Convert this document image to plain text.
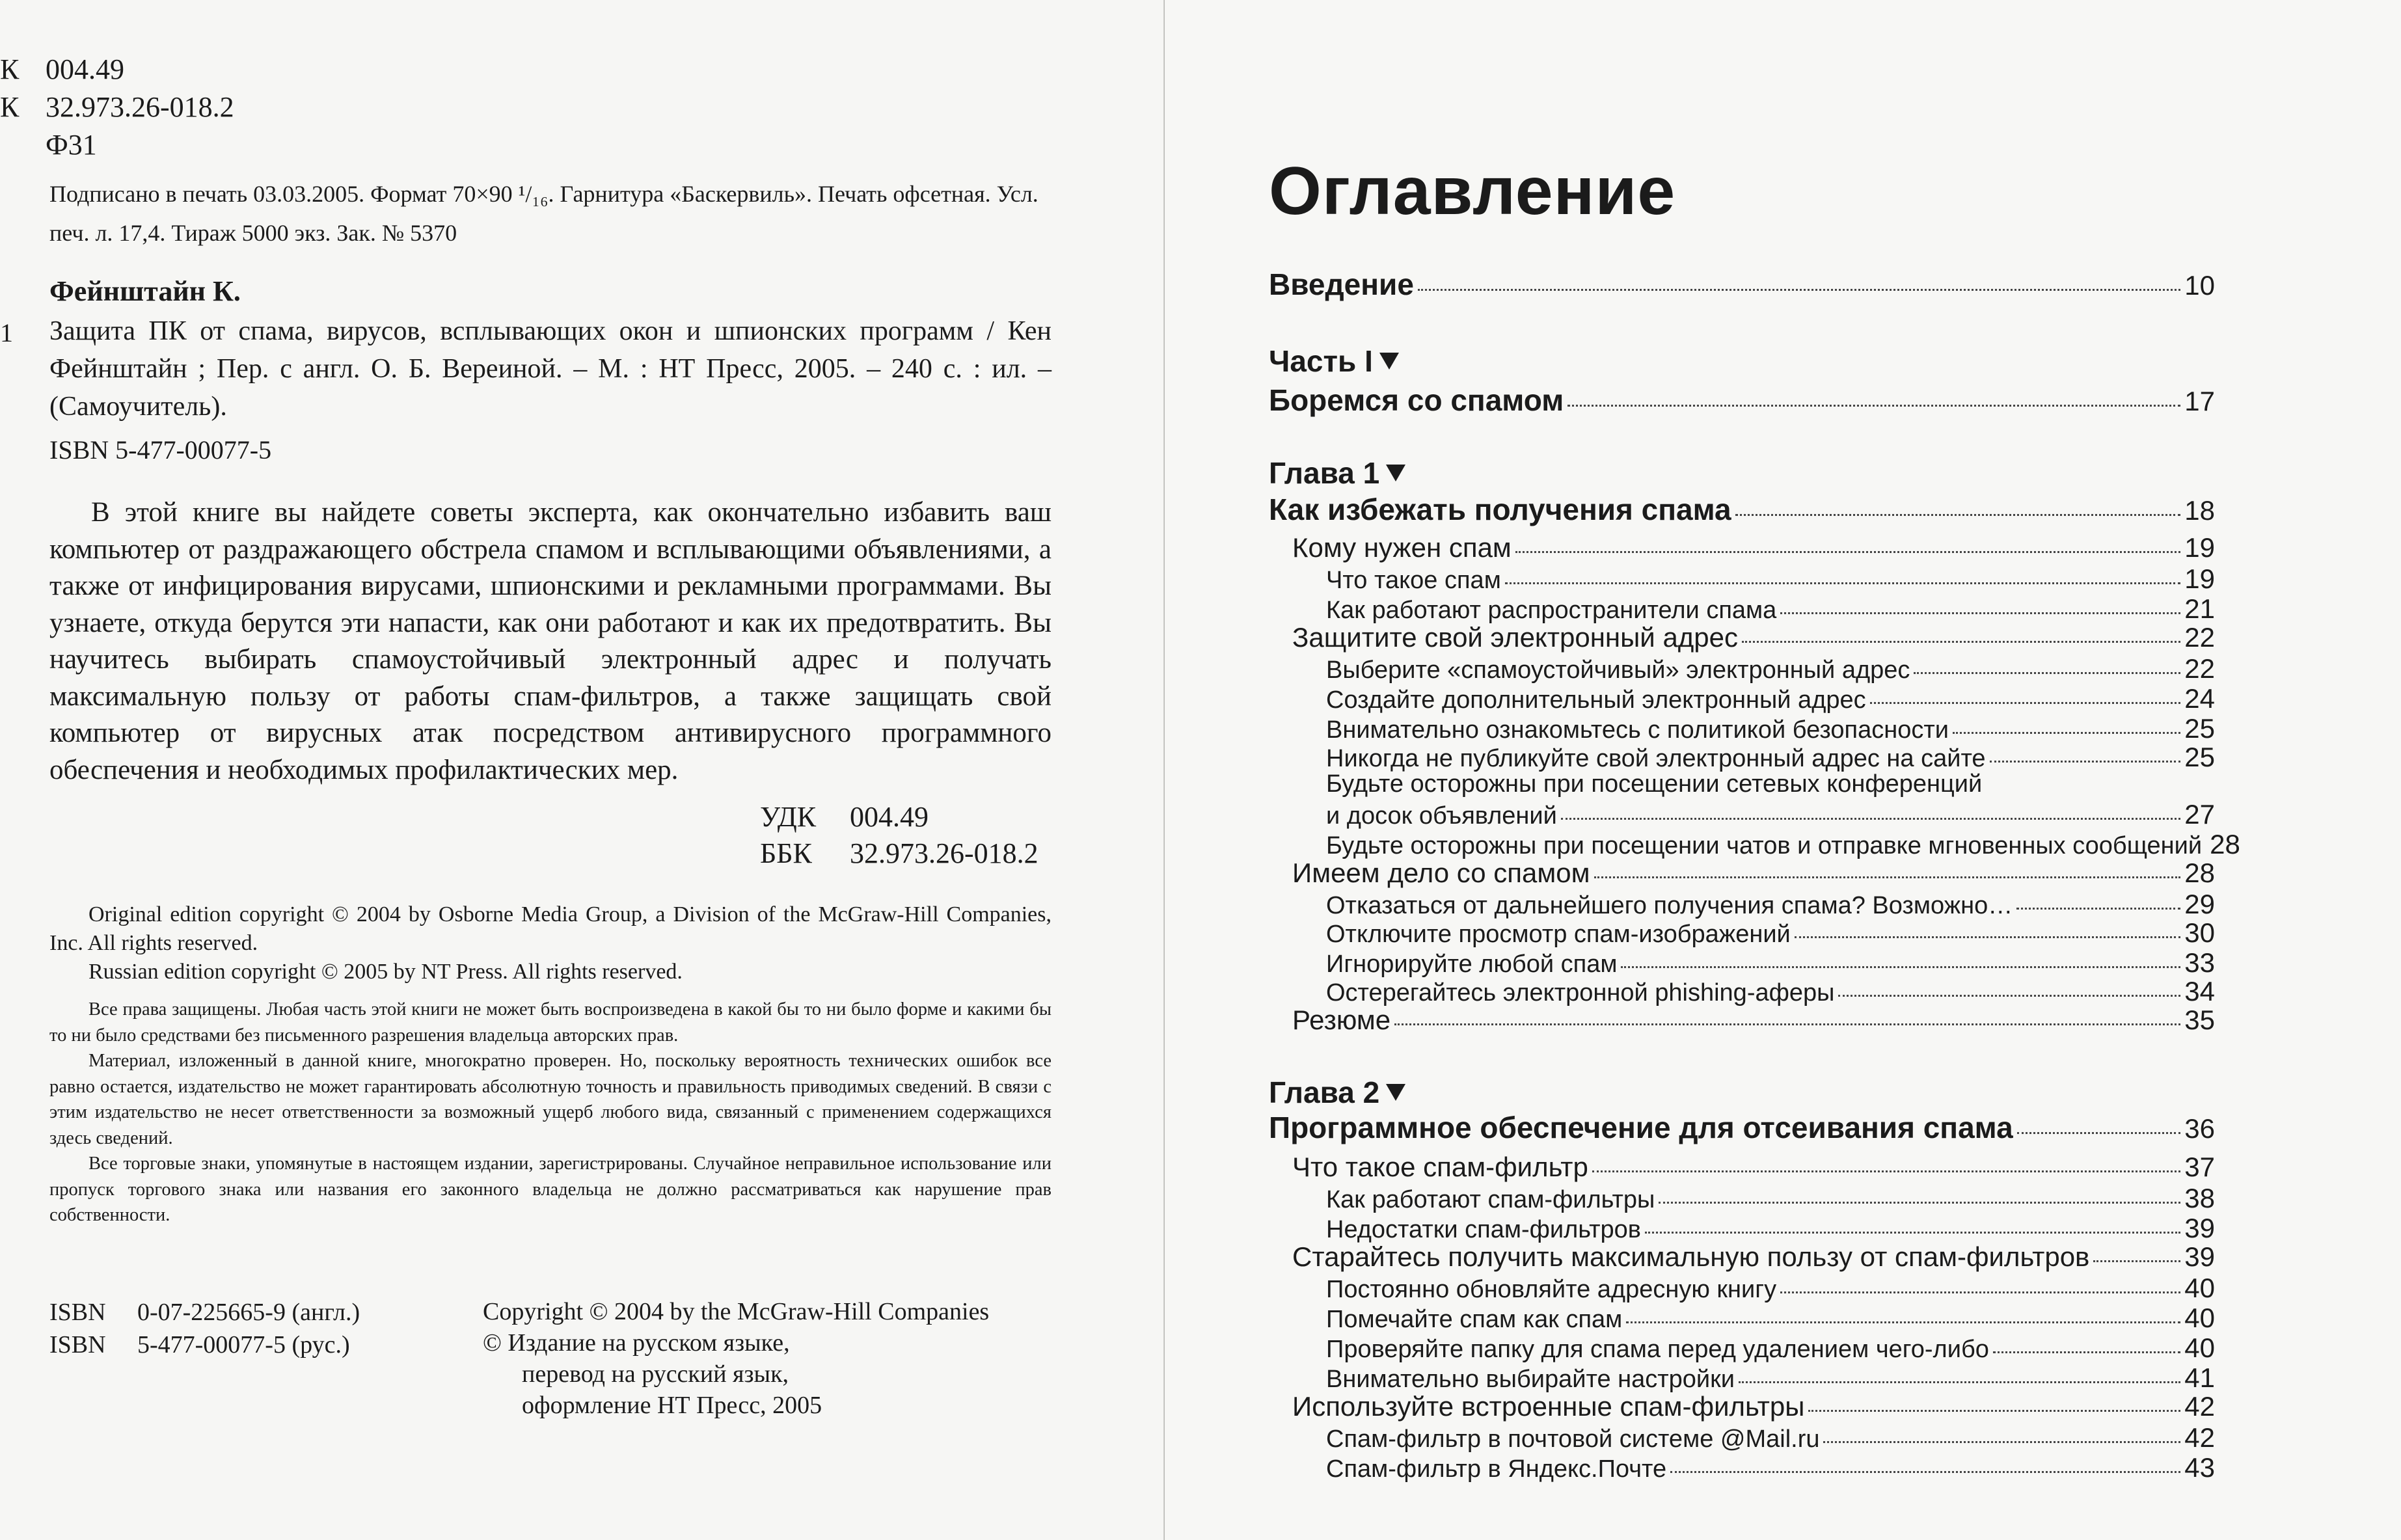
К 004.49
К 32.973.26-018.2
Ф31
Подписано в печать 03.03.2005. Формат 70×90 ¹/₁₆. Гарнитура «Баскервиль». Печать офсетная. Усл. печ. л. 17,4. Тираж 5000 экз. Зак. № 5370
Фейнштайн К.
1 Защита ПК от спама, вирусов, всплывающих окон и шпионских программ / Кен Фейнштайн ; Пер. с англ. О. Б. Вереиной. – М. : НТ Пресс, 2005. – 240 с. : ил. – (Самоучитель).
ISBN 5-477-00077-5
В этой книге вы найдете советы эксперта, как окончательно избавить ваш компьютер от раздражающего обстрела спамом и всплывающими объявлениями, а также от инфицирования вирусами, шпионскими и рекламными программами. Вы узнаете, откуда берутся эти напасти, как они работают и как их предотвратить. Вы научитесь выбирать спамоустойчивый электронный адрес и получать максимальную пользу от работы спам-фильтров, а также защищать свой компьютер от вирусных атак посредством антивирусного программного обеспечения и необходимых профилактических мер.
УДК	004.49
ББК	32.973.26-018.2
Original edition copyright © 2004 by Osborne Media Group, a Division of the McGraw-Hill Companies, Inc. All rights reserved.
Russian edition copyright © 2005 by NT Press. All rights reserved.

Все права защищены. Любая часть этой книги не может быть воспроизведена в какой бы то ни было форме и какими бы то ни было средствами без письменного разрешения владельца авторских прав.

Материал, изложенный в данной книге, многократно проверен. Но, поскольку вероятность технических ошибок все равно остается, издательство не может гарантировать абсолютную точность и правильность приводимых сведений. В связи с этим издательство не несет ответственности за возможный ущерб любого вида, связанный с применением содержащихся здесь сведений.

Все торговые знаки, упомянутые в настоящем издании, зарегистрированы. Случайное неправильное использование или пропуск торгового знака или названия его законного владельца не должно рассматриваться как нарушение прав собственности.

ISBN	0-07-225665-9 (англ.)
ISBN	5-477-00077-5 (рус.)
Copyright © 2004 by the McGraw-Hill Companies
© Издание на русском языке,
перевод на русский язык,
оформление НТ Пресс, 2005
Оглавление
Введение	10
Часть I
Боремся со спамом	17
Глава 1
Как избежать получения спама	18
Кому нужен спам	19
Что такое спам	19
Как работают распространители спама	21
Защитите свой электронный адрес	22
Выберите «спамоустойчивый» электронный адрес	22
Создайте дополнительный электронный адрес	24
Внимательно ознакомьтесь с политикой безопасности	25
Никогда не публикуйте свой электронный адрес на сайте	25
Будьте осторожны при посещении сетевых конференций
и досок объявлений	27
Будьте осторожны при посещении чатов и отправке мгновенных сообщений 28
Имеем дело со спамом	28
Отказаться от дальнейшего получения спама? Возможно…	29
Отключите просмотр спам-изображений	30
Игнорируйте любой спам	33
Остерегайтесь электронной phishing-аферы	34
Резюме	35
Глава 2
Программное обеспечение для отсеивания спама	36
Что такое спам-фильтр	37
Как работают спам-фильтры	38
Недостатки спам-фильтров	39
Старайтесь получить максимальную пользу от спам-фильтров	39
Постоянно обновляйте адресную книгу	40
Помечайте спам как спам	40
Проверяйте папку для спама перед удалением чего-либо	40
Внимательно выбирайте настройки	41
Используйте встроенные спам-фильтры	42
Спам-фильтр в почтовой системе @Mail.ru	42
Спам-фильтр в Яндекс.Почте	43
